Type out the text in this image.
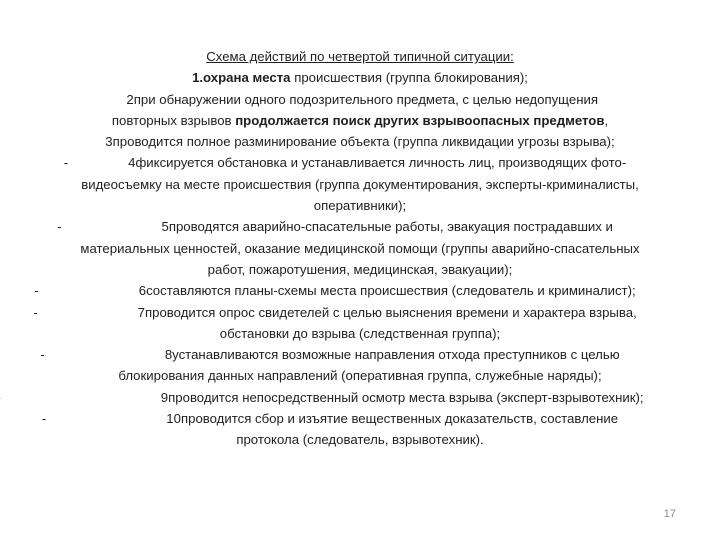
Схема действий по четвертой типичной ситуации:

1.охрана места происшествия (группа блокирования);

2при обнаружении одного подозрительного предмета, с целью недопущения

повторных взрывов продолжается поиск других взрывоопасных предметов,

3проводится полное разминирование объекта (группа ликвидации угрозы взрыва);

-	4фиксируется обстановка и устанавливается личность лиц, производящих фото-

видеосъемку на месте происшествия (группа документирования, эксперты-криминалисты,

оперативники);

-	5проводятся аварийно-спасательные работы, эвакуация пострадавших и

материальных ценностей, оказание медицинской помощи (группы аварийно-спасательных

работ, пожаротушения, медицинская, эвакуации);

-	6составляются планы-схемы места происшествия (следователь и криминалист);

-	7проводится опрос свидетелей с целью выяснения времени и характера взрыва,

обстановки до взрыва (следственная группа);

-	8устанавливаются возможные направления отхода преступников с целью

блокирования данных направлений (оперативная группа, служебные наряды);

9проводится непосредственный осмотр места взрыва (эксперт-взрывотехник);

-	10проводится сбор и изъятие вещественных доказательств, составление

протокола (следователь, взрывотехник).

17
